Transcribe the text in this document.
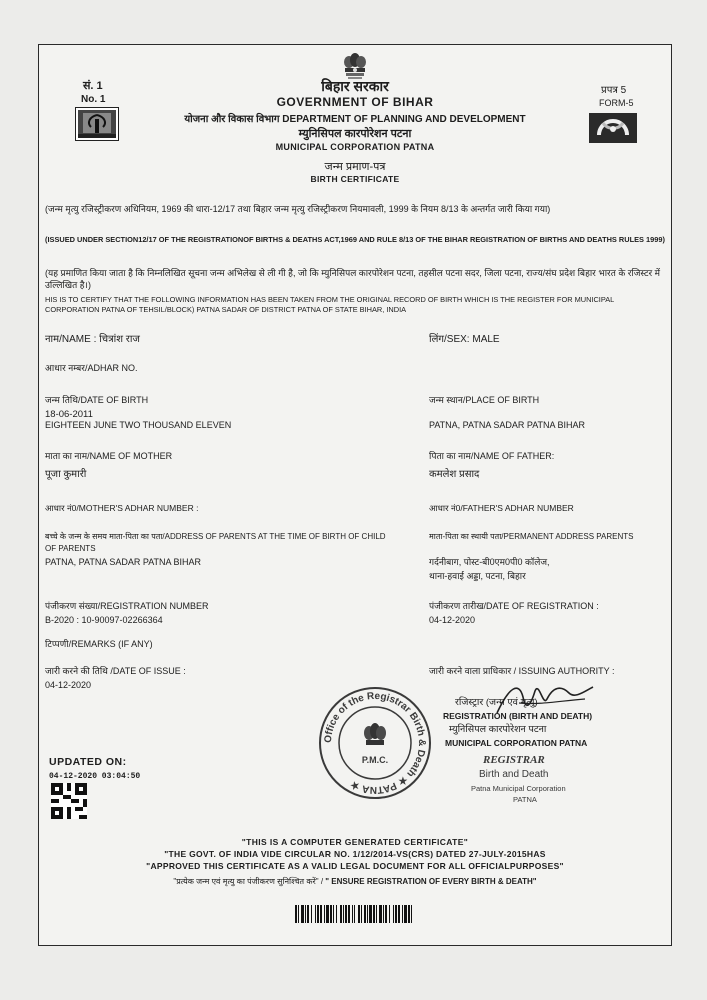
सं. 1
No. 1
बिहार सरकार
GOVERNMENT OF BIHAR
योजना और विकास विभाग DEPARTMENT OF PLANNING AND DEVELOPMENT
म्युनिसिपल कारपोरेशन पटना
MUNICIPAL CORPORATION PATNA
जन्म प्रमाण-पत्र
BIRTH CERTIFICATE
प्रपत्र 5
FORM-5
(जन्म मृत्यु रजिस्ट्रीकरण अधिनियम, 1969 की धारा-12/17 तथा बिहार जन्म मृत्यु रजिस्ट्रीकरण नियमावली, 1999 के नियम 8/13 के अन्तर्गत जारी किया गया)
(ISSUED UNDER SECTION12/17 OF THE REGISTRATIONOF BIRTHS & DEATHS ACT,1969 AND RULE 8/13 OF THE BIHAR REGISTRATION OF BIRTHS AND DEATHS RULES 1999)
(यह प्रमाणित किया जाता है कि निम्नलिखित सूचना जन्म अभिलेख से ली गी है, जो कि म्युनिसिपल कारपोरेशन पटना, तहसील पटना सदर, जिला पटना, राज्य/संघ प्रदेश बिहार भारत के रजिस्टर में उल्लिखित है।)
HIS IS TO CERTIFY THAT THE FOLLOWING INFORMATION HAS BEEN TAKEN FROM THE ORIGINAL RECORD OF BIRTH WHICH IS THE REGISTER FOR MUNICIPAL CORPORATION PATNA OF TEHSIL/BLOCK) PATNA SADAR OF DISTRICT PATNA OF STATE BIHAR, INDIA
नाम/NAME : चित्रांश राज	लिंग/SEX: MALE
आधार नम्बर/ADHAR NO.
जन्म तिथि/DATE OF BIRTH
18-06-2011
EIGHTEEN JUNE TWO THOUSAND ELEVEN
जन्म स्थान/PLACE OF BIRTH
PATNA, PATNA SADAR PATNA BIHAR
माता का नाम/NAME OF MOTHER
पूजा कुमारी
पिता का नाम/NAME OF FATHER:
कमलेश प्रसाद
आधार नं0/MOTHER'S ADHAR NUMBER :	आधार नं0/FATHER'S ADHAR NUMBER
बच्चे के जन्म के समय माता-पिता का पता/ADDRESS OF PARENTS AT THE TIME OF BIRTH OF CHILD OF PARENTS
PATNA, PATNA SADAR PATNA BIHAR
माता-पिता का स्थायी पता/PERMANENT ADDRESS PARENTS
गर्दनीबाग, पोस्ट-बी0एम0पी0 कॉलेज,
थाना-हवाई अड्डा, पटना, बिहार
पंजीकरण संख्या/REGISTRATION NUMBER
B-2020 : 10-90097-02266364
पंजीकरण तारीख/DATE OF REGISTRATION :
04-12-2020
टिप्पणी/REMARKS (IF ANY)
जारी करने की तिथि /DATE OF ISSUE :
04-12-2020
जारी करने वाला प्राधिकार / ISSUING AUTHORITY :
Office of the Registrar Birth & Death ★ PATNA ★
P.M.C.
रजिस्ट्रार (जन्म एवं मृत्यु)
REGISTRATION (BIRTH AND DEATH)
म्युनिसिपल कारपोरेशन पटना
MUNICIPAL CORPORATION PATNA
REGISTRAR
Birth and Death
Patna Municipal Corporation
PATNA
UPDATED ON:
04-12-2020 03:04:50
"THIS IS A COMPUTER GENERATED CERTIFICATE"
"THE GOVT. OF INDIA VIDE CIRCULAR NO. 1/12/2014-VS(CRS) DATED 27-JULY-2015HAS
"APPROVED THIS CERTIFICATE AS A VALID LEGAL DOCUMENT FOR ALL OFFICIALPURPOSES"
"प्रत्येक जन्म एवं मृत्यु का पंजीकरण सुनिश्चित करें" / " ENSURE REGISTRATION OF EVERY BIRTH & DEATH"
